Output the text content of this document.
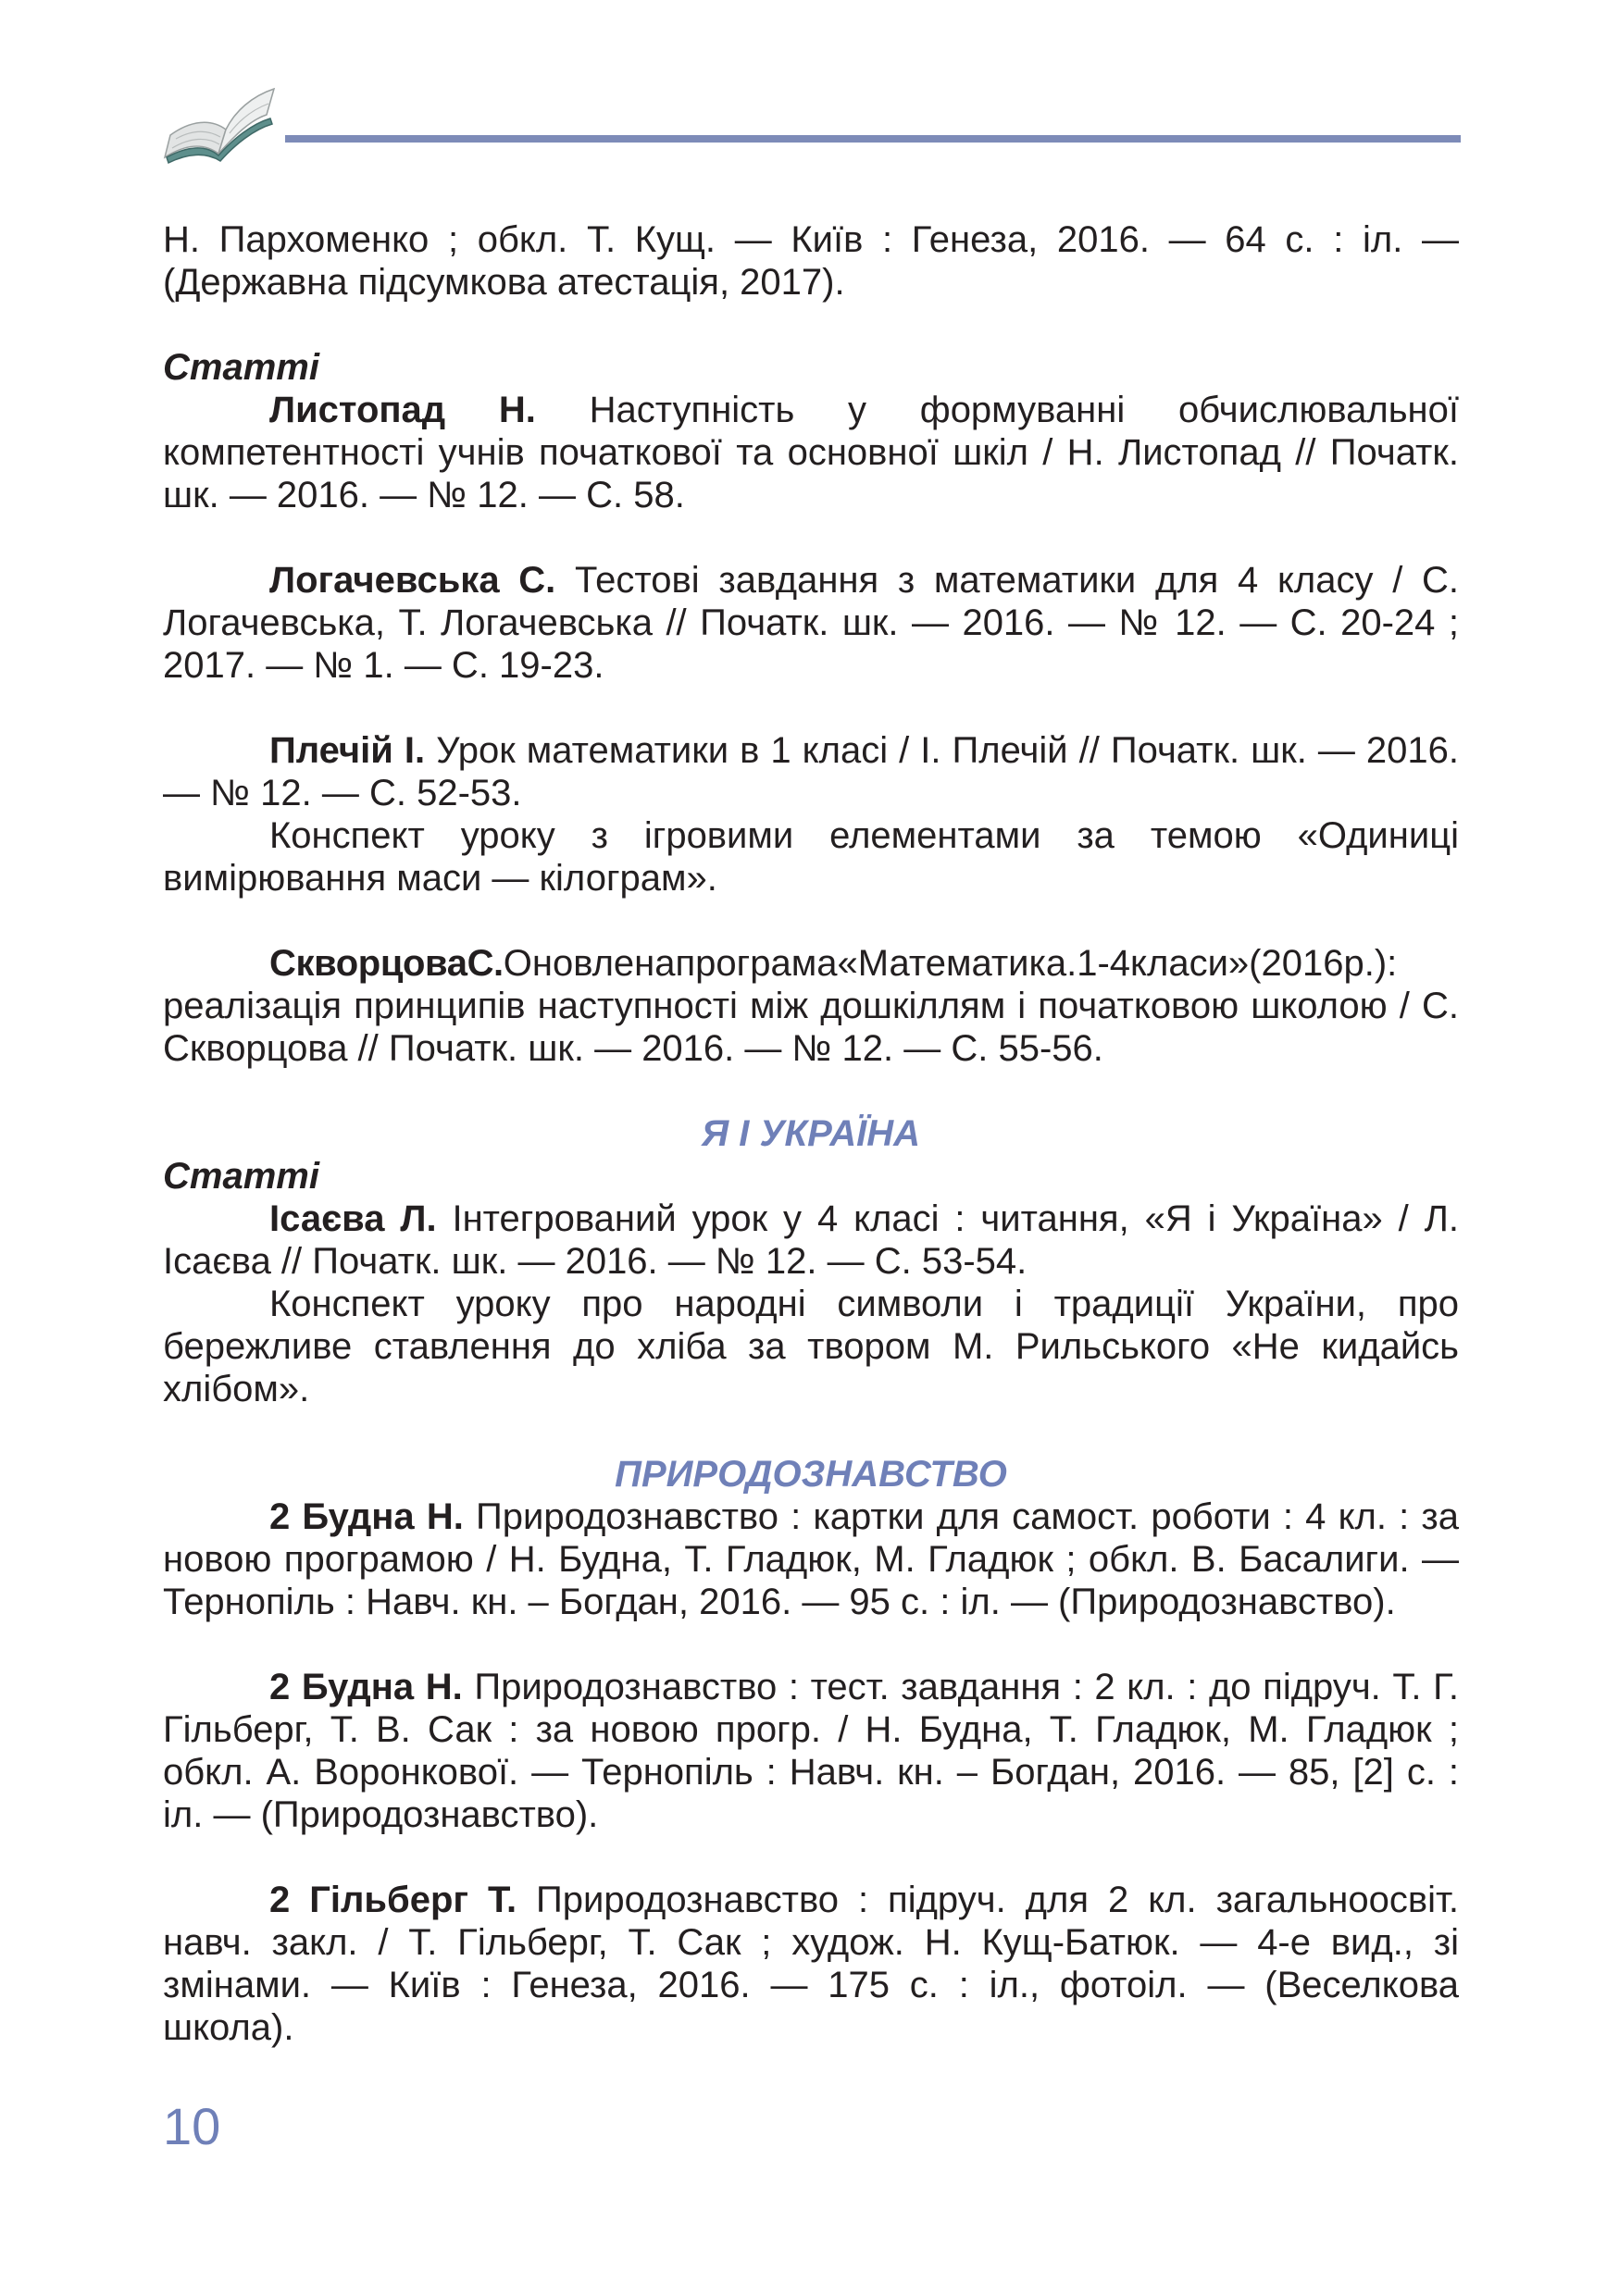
Н. Пархоменко ; обкл. Т. Кущ. — Київ : Генеза, 2016. — 64 с. : іл. — (Державна підсумкова атестація, 2017).

Статті

Листопад Н. Наступність у формуванні обчислювальної компетентності учнів початкової та основної шкіл / Н. Листопад // Початк. шк. — 2016. — № 12. — С. 58.

Логачевська С. Тестові завдання з математики для 4 класу / С. Логачевська, Т. Логачевська // Початк. шк. — 2016. — № 12. — С. 20-24 ; 2017. — № 1. — С. 19-23.

Плечій І. Урок математики в 1 класі / І. Плечій // Початк. шк. — 2016. — № 12. — С. 52-53.

Конспект уроку з ігровими елементами за темою «Одиниці вимірювання маси — кілограм».

СкворцоваС.Оновленапрограма«Математика.1-4класи»(2016р.): реалізація принципів наступності між дошкіллям і початковою школою / С. Скворцова // Початк. шк. — 2016. — № 12. — С. 55-56.

Я І УКРАЇНА

Статті

Ісаєва Л. Інтегрований урок у 4 класі : читання, «Я і Україна» / Л. Ісаєва // Початк. шк. — 2016. — № 12. — С. 53-54.

Конспект уроку про народні символи і традиції України, про бережливе ставлення до хліба за твором М. Рильського «Не кидайсь хлібом».

ПРИРОДОЗНАВСТВО

2 Будна Н. Природознавство : картки для самост. роботи : 4 кл. : за новою програмою / Н. Будна, Т. Гладюк, М. Гладюк ; обкл. В. Басалиги. — Тернопіль : Навч. кн. – Богдан, 2016. — 95 с. : іл. — (Природознавство).

2 Будна Н. Природознавство : тест. завдання : 2 кл. : до підруч. Т. Г. Гільберг, Т. В. Сак : за новою прогр. / Н. Будна, Т. Гладюк, М. Гладюк ; обкл. А. Воронкової. — Тернопіль : Навч. кн. – Богдан, 2016. — 85, [2] с. : іл. — (Природознавство).

2 Гільберг Т. Природознавство : підруч. для 2 кл. загальноосвіт. навч. закл. / Т. Гільберг, Т. Сак ; худож. Н. Кущ-Батюк. — 4-е вид., зі змінами. — Київ : Генеза, 2016. — 175 с. : іл., фотоіл. — (Веселкова школа).

10
